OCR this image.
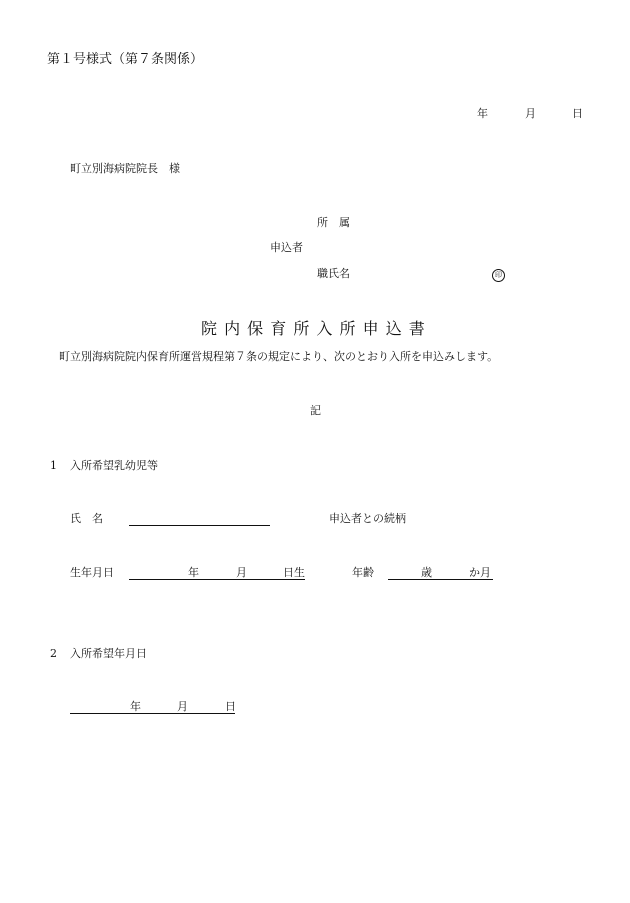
第１号様式（第７条関係）
年	月	日
町立別海病院院長　様
所　属
申込者
職氏名	印
院 内 保 育 所 入 所 申 込 書
町立別海病院院内保育所運営規程第７条の規定により、次のとおり入所を申込みします。
記
1 入所希望乳幼児等
氏　名	申込者との続柄
生年月日	年	月	日生	年齢	歳	か月
2 入所希望年月日
年	月	日
